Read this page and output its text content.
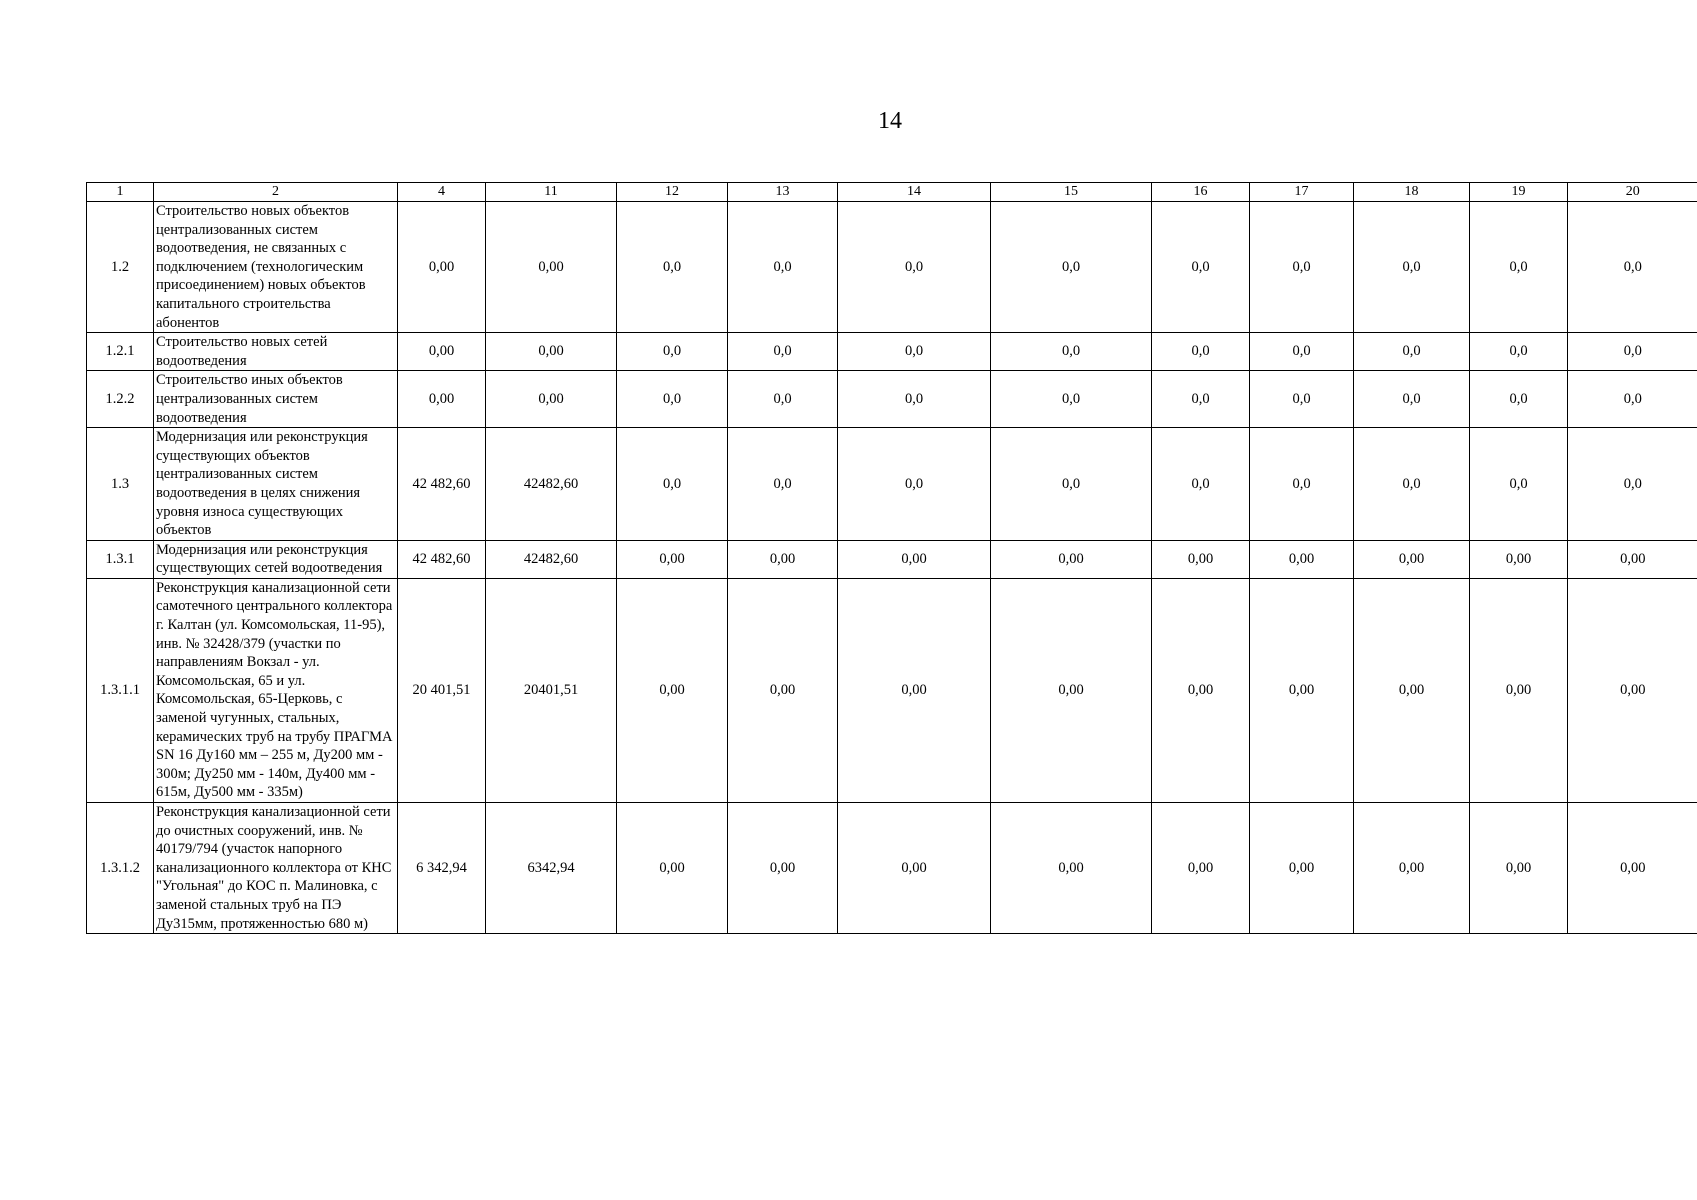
14
1	2	4	11	12	13	14	15	16	17	18	19	20
1.2	Строительство новых объектов централизованных систем водоотведения, не связанных с подключением (технологическим присоединением) новых объектов капитального строительства абонентов	0,00	0,00	0,0	0,0	0,0	0,0	0,0	0,0	0,0	0,0	0,0
1.2.1	Строительство новых сетей водоотведения	0,00	0,00	0,0	0,0	0,0	0,0	0,0	0,0	0,0	0,0	0,0
1.2.2	Строительство иных объектов централизованных систем водоотведения	0,00	0,00	0,0	0,0	0,0	0,0	0,0	0,0	0,0	0,0	0,0
1.3	Модернизация или реконструкция существующих объектов централизованных систем водоотведения в целях снижения уровня износа существующих объектов	42 482,60	42482,60	0,0	0,0	0,0	0,0	0,0	0,0	0,0	0,0	0,0
1.3.1	Модернизация или реконструкция существующих сетей водоотведения	42 482,60	42482,60	0,00	0,00	0,00	0,00	0,00	0,00	0,00	0,00	0,00
1.3.1.1	Реконструкция канализационной сети самотечного центрального коллектора г. Калтан (ул. Комсомольская, 11-95), инв. № 32428/379 (участки по направлениям Вокзал - ул. Комсомольская, 65 и ул. Комсомольская, 65-Церковь, с заменой чугунных, стальных, керамических труб на трубу ПРАГМА SN 16 Ду160 мм – 255 м, Ду200 мм - 300м; Ду250 мм - 140м, Ду400 мм - 615м, Ду500 мм - 335м)	20 401,51	20401,51	0,00	0,00	0,00	0,00	0,00	0,00	0,00	0,00	0,00
1.3.1.2	Реконструкция канализационной сети до очистных сооружений, инв. № 40179/794 (участок напорного канализационного коллектора от КНС "Угольная" до КОС п. Малиновка, с заменой стальных труб на ПЭ Ду315мм, протяженностью 680 м)	6 342,94	6342,94	0,00	0,00	0,00	0,00	0,00	0,00	0,00	0,00	0,00
